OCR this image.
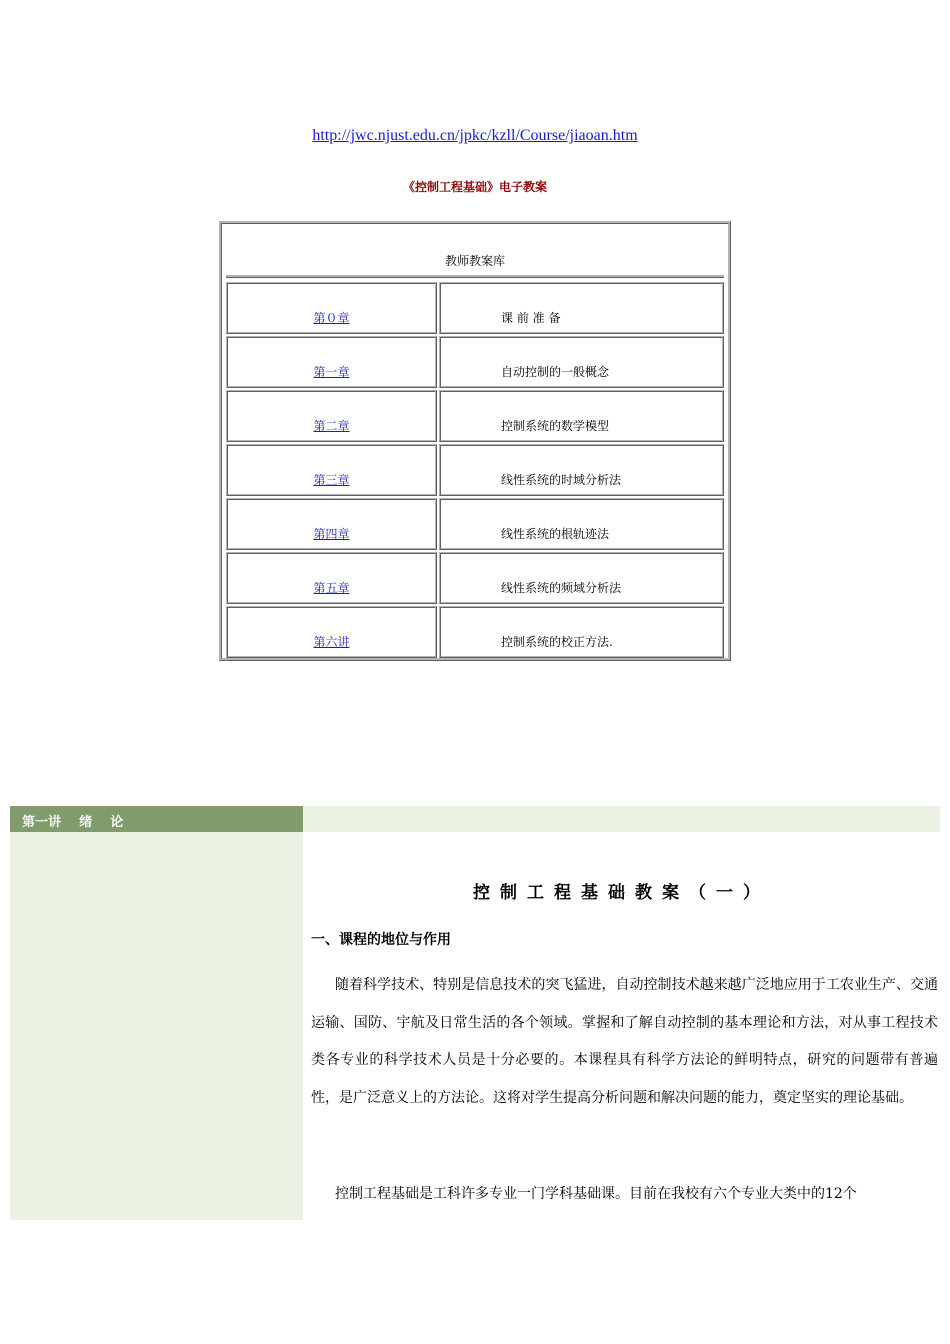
http://jwc.njust.edu.cn/jpkc/kzll/Course/jiaoan.htm
《控制工程基础》电子教案
教师教案库
第０章	课 前 准 备
第一章	自动控制的一般概念
第二章	控制系统的数学模型
第三章	线性系统的时域分析法
第四章	线性系统的根轨迹法
第五章	线性系统的频域分析法
第六讲	控制系统的校正方法.
第一讲    绪    论
控制工程基础教案（一）
一、课程的地位与作用
随着科学技术、特别是信息技术的突飞猛进，自动控制技术越来越广泛地应用于工农业生产、交通运输、国防、宇航及日常生活的各个领域。掌握和了解自动控制的基本理论和方法，对从事工程技术类各专业的科学技术人员是十分必要的。本课程具有科学方法论的鲜明特点，研究的问题带有普遍性，是广泛意义上的方法论。这将对学生提高分析问题和解决问题的能力，奠定坚实的理论基础。
控制工程基础是工科许多专业一门学科基础课。目前在我校有六个专业大类中的12个
